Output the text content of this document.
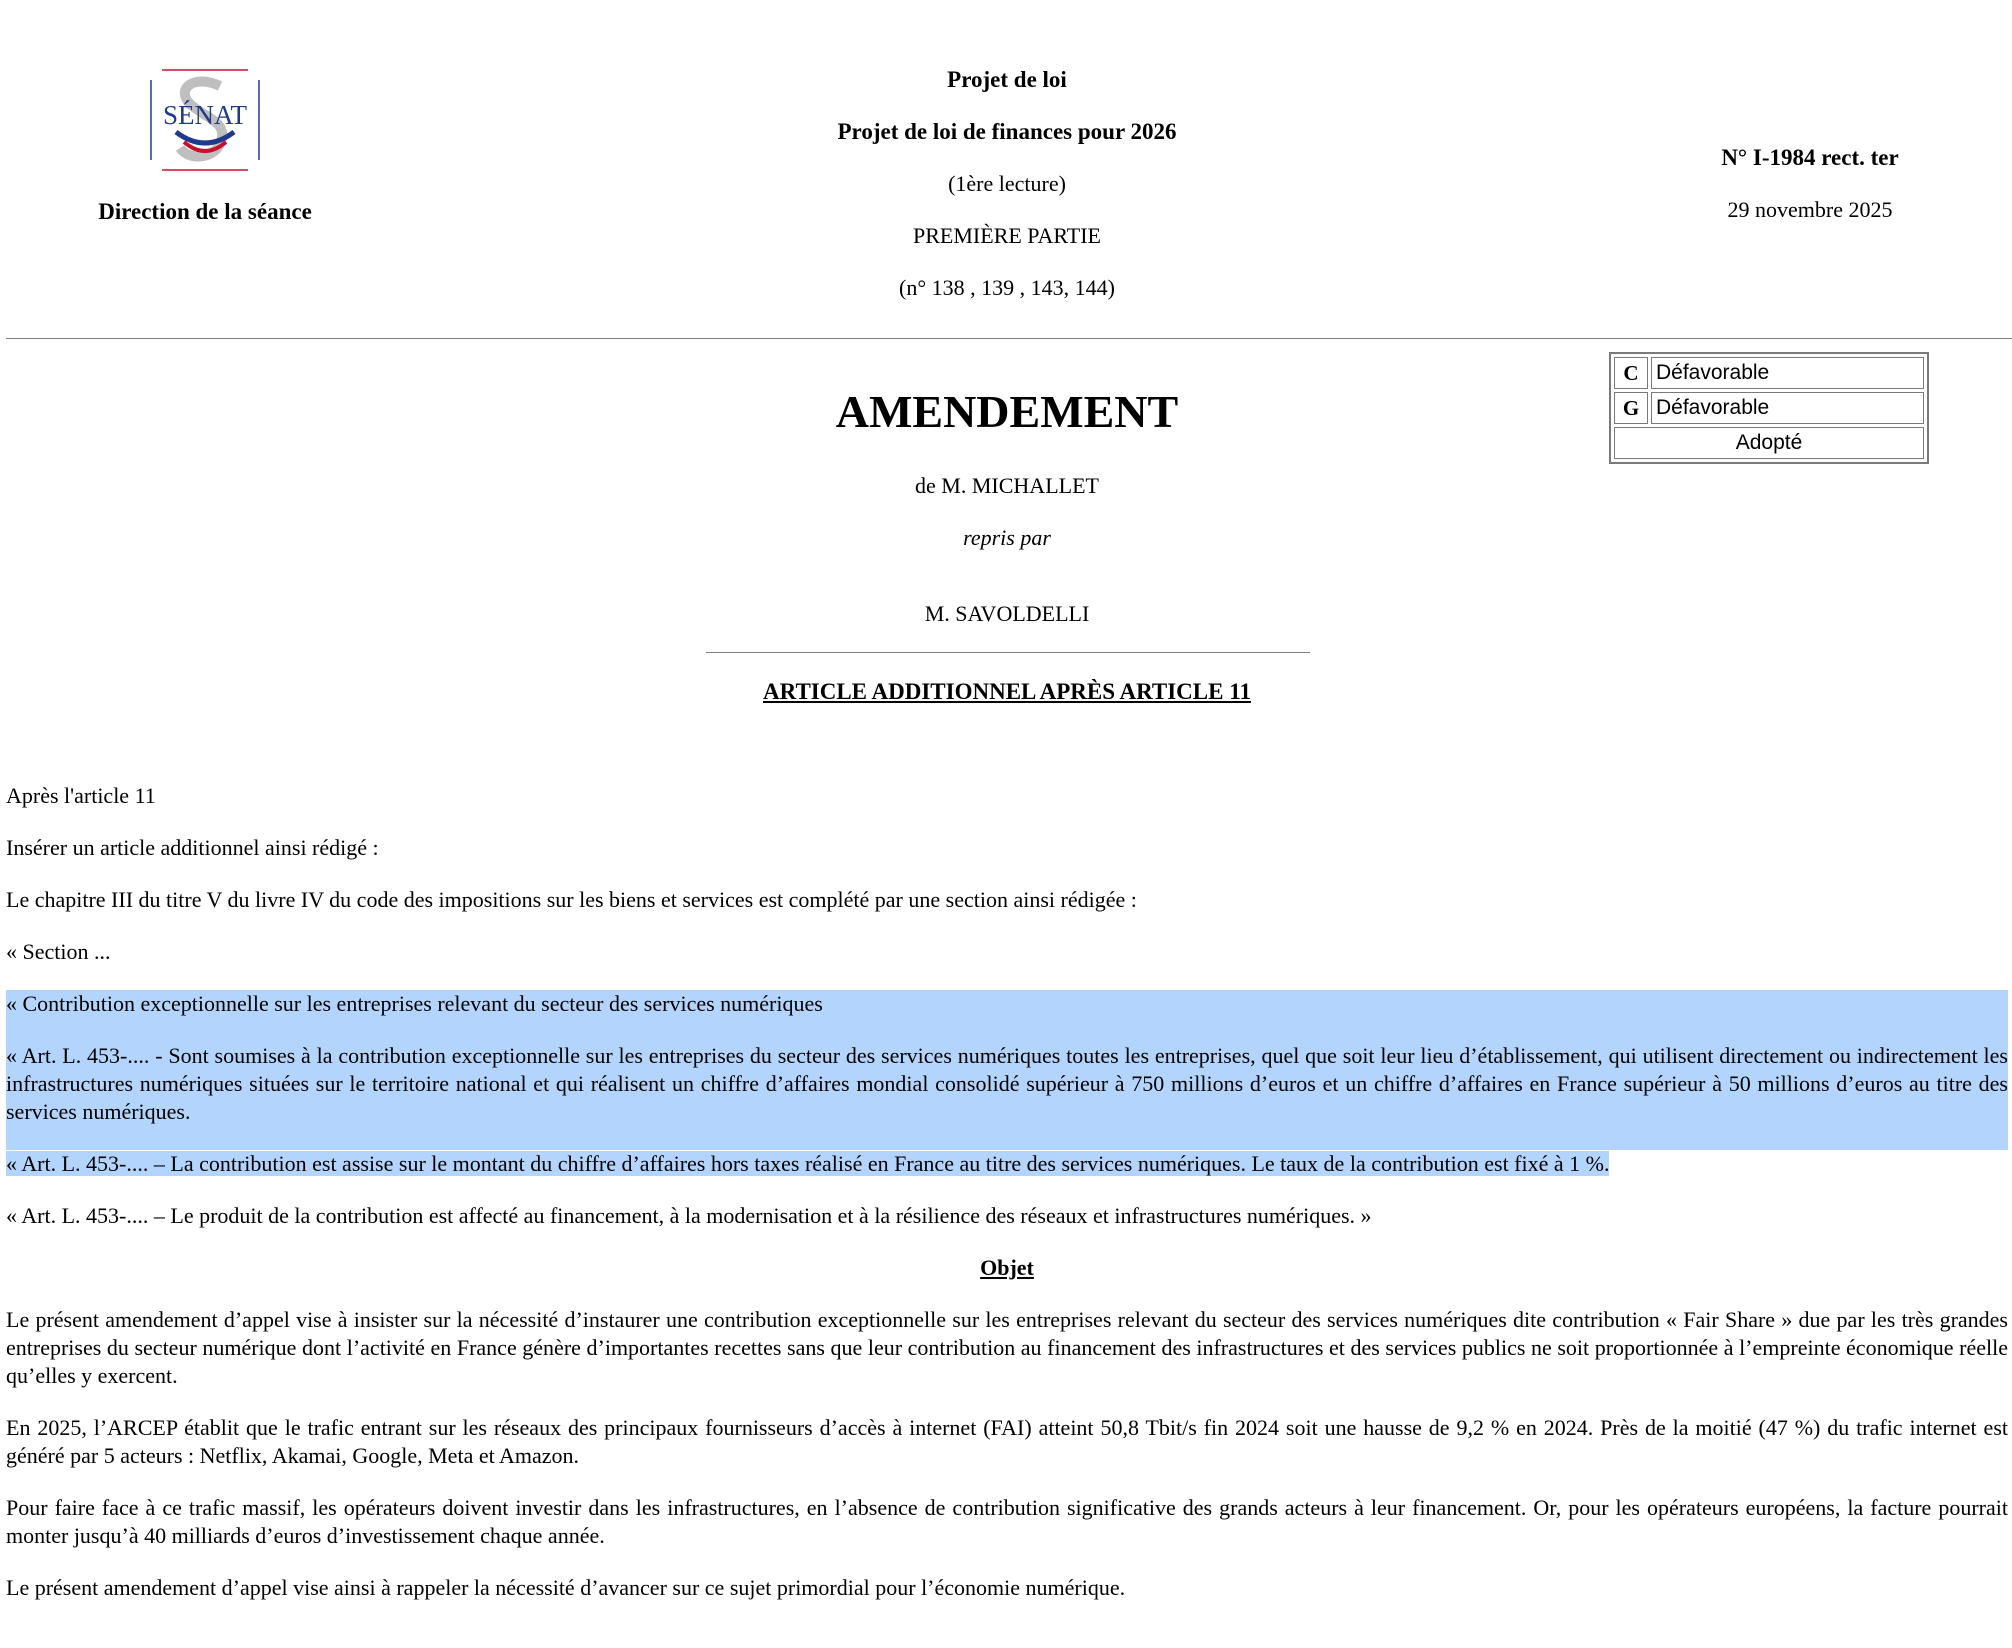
SÉNAT
Direction de la séance
Projet de loi
Projet de loi de finances pour 2026
(1ère lecture)
PREMIÈRE PARTIE
(n° 138 , 139 , 143, 144)
N° I-1984 rect. ter
29 novembre 2025
C	Défavorable
G	Défavorable
Adopté	
AMENDEMENT
de M. MICHALLET
repris par
M. SAVOLDELLI
ARTICLE ADDITIONNEL APRÈS ARTICLE 11

Après l'article 11

Insérer un article additionnel ainsi rédigé :

Le chapitre III du titre V du livre IV du code des impositions sur les biens et services est complété par une section ainsi rédigée :

« Section ...

« Contribution exceptionnelle sur les entreprises relevant du secteur des services numériques

« Art. L. 453-.... - Sont soumises à la contribution exceptionnelle sur les entreprises du secteur des services numériques toutes les entreprises, quel que soit leur lieu d’établissement, qui utilisent directement ou indirectement les infrastructures numériques situées sur le territoire national et qui réalisent un chiffre d’affaires mondial consolidé supérieur à 750 millions d’euros et un chiffre d’affaires en France supérieur à 50 millions d’euros au titre des services numériques.

« Art. L. 453-.... – La contribution est assise sur le montant du chiffre d’affaires hors taxes réalisé en France au titre des services numériques. Le taux de la contribution est fixé à 1 %.

« Art. L. 453-.... – Le produit de la contribution est affecté au financement, à la modernisation et à la résilience des réseaux et infrastructures numériques. »

Objet

Le présent amendement d’appel vise à insister sur la nécessité d’instaurer une contribution exceptionnelle sur les entreprises relevant du secteur des services numériques dite contribution « Fair Share » due par les très grandes entreprises du secteur numérique dont l’activité en France génère d’importantes recettes sans que leur contribution au financement des infrastructures et des services publics ne soit proportionnée à l’empreinte économique réelle qu’elles y exercent.

En 2025, l’ARCEP établit que le trafic entrant sur les réseaux des principaux fournisseurs d’accès à internet (FAI) atteint 50,8 Tbit/s fin 2024 soit une hausse de 9,2 % en 2024. Près de la moitié (47 %) du trafic internet est généré par 5 acteurs : Netflix, Akamai, Google, Meta et Amazon.

Pour faire face à ce trafic massif, les opérateurs doivent investir dans les infrastructures, en l’absence de contribution significative des grands acteurs à leur financement. Or, pour les opérateurs européens, la facture pourrait monter jusqu’à 40 milliards d’euros d’investissement chaque année.

Le présent amendement d’appel vise ainsi à rappeler la nécessité d’avancer sur ce sujet primordial pour l’économie numérique.
